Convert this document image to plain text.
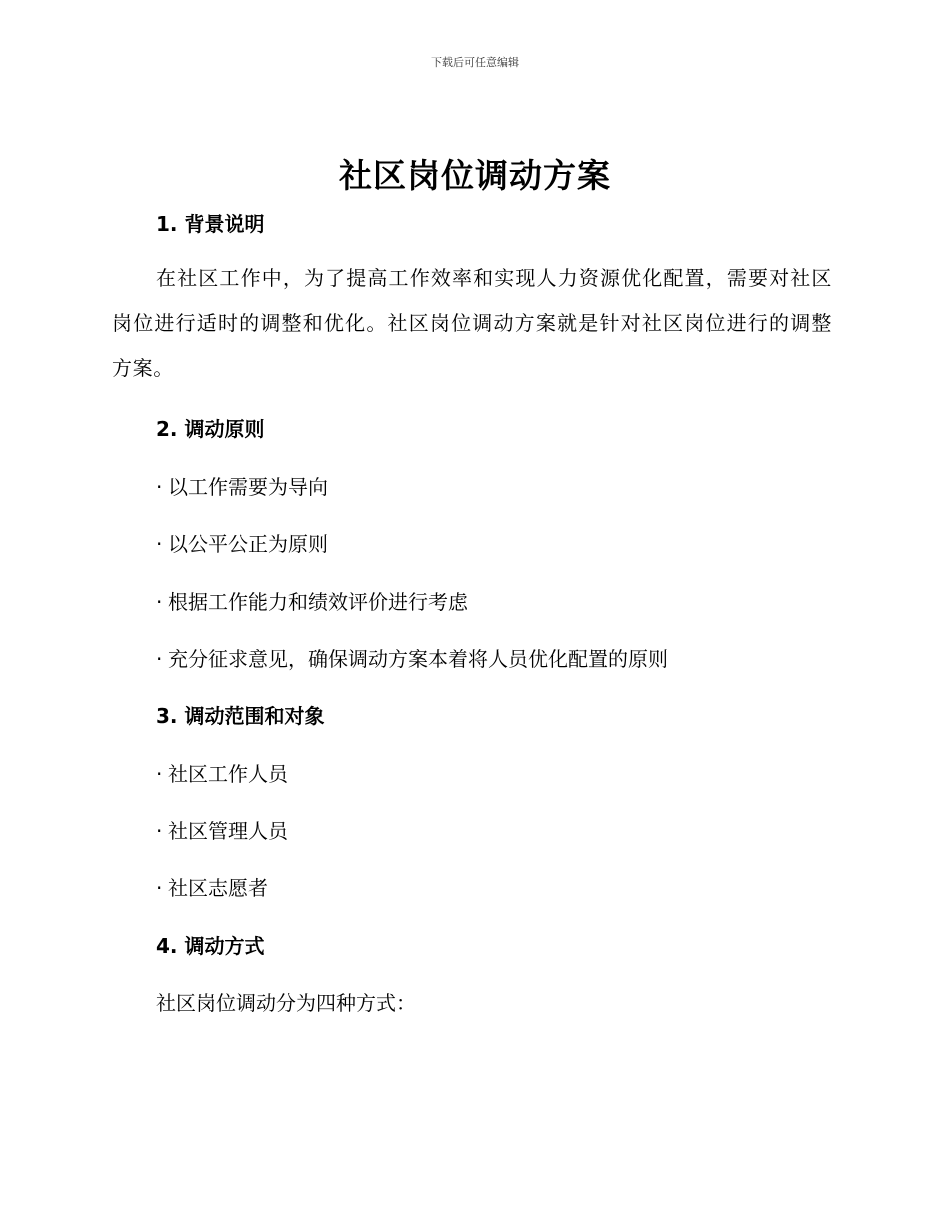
下载后可任意编辑
社区岗位调动方案
1. 背景说明
在社区工作中，为了提高工作效率和实现人力资源优化配置，需要对社区岗位进行适时的调整和优化。社区岗位调动方案就是针对社区岗位进行的调整方案。
2. 调动原则
· 以工作需要为导向
· 以公平公正为原则
· 根据工作能力和绩效评价进行考虑
· 充分征求意见，确保调动方案本着将人员优化配置的原则
3. 调动范围和对象
· 社区工作人员
· 社区管理人员
· 社区志愿者
4. 调动方式
社区岗位调动分为四种方式：
